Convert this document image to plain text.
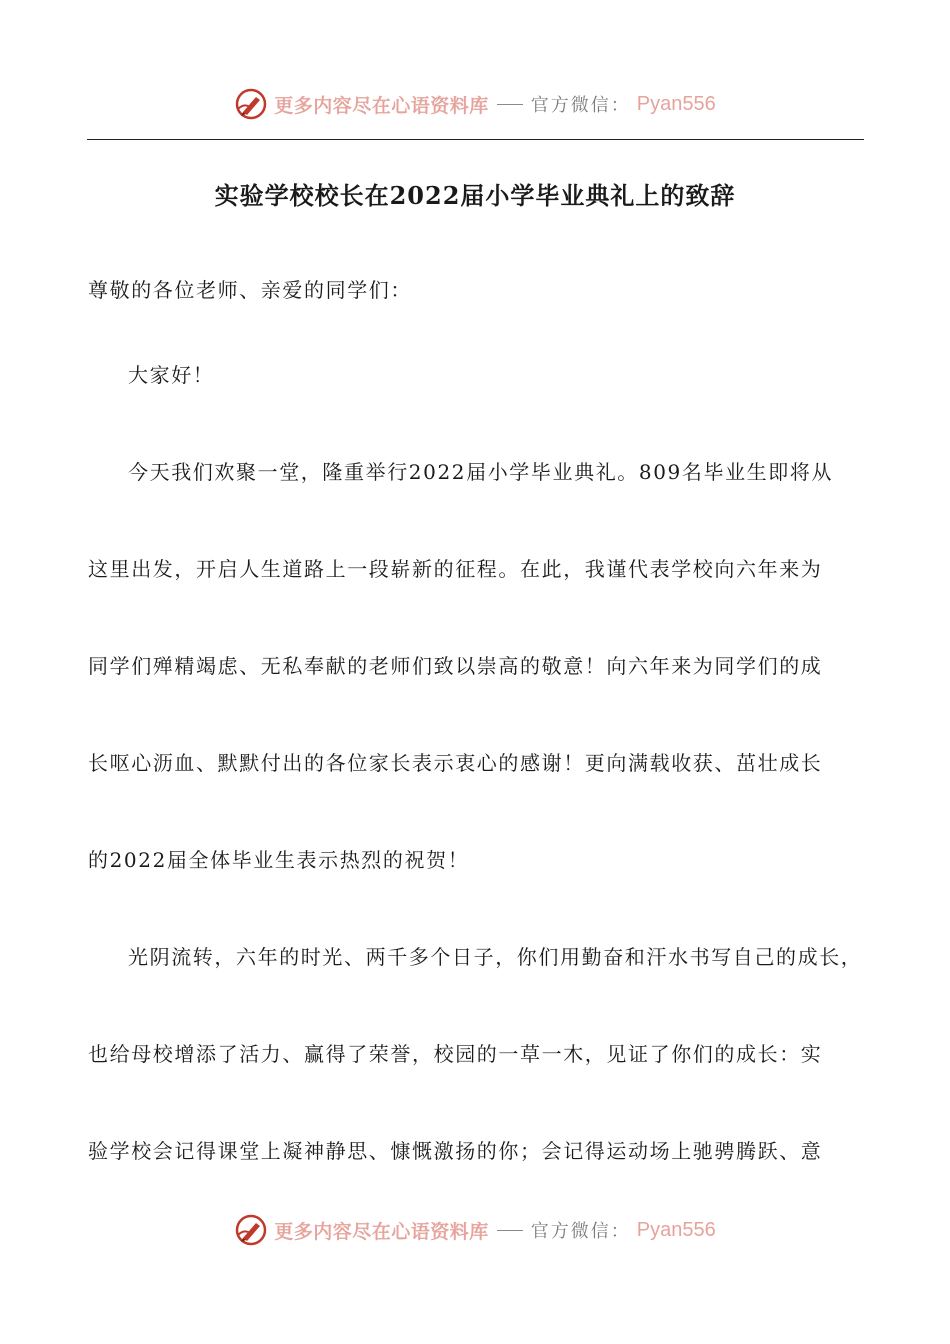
更多内容尽在心语资料库 官方微信： Pyan556
实验学校校长在2022届小学毕业典礼上的致辞

尊敬的各位老师、亲爱的同学们：

大家好！

今天我们欢聚一堂，隆重举行2022届小学毕业典礼。809名毕业生即将从
这里出发，开启人生道路上一段崭新的征程。在此，我谨代表学校向六年来为
同学们殚精竭虑、无私奉献的老师们致以崇高的敬意！向六年来为同学们的成
长呕心沥血、默默付出的各位家长表示衷心的感谢！更向满载收获、茁壮成长
的2022届全体毕业生表示热烈的祝贺！
光阴流转，六年的时光、两千多个日子，你们用勤奋和汗水书写自己的成长，
也给母校增添了活力、赢得了荣誉，校园的一草一木，见证了你们的成长：实
验学校会记得课堂上凝神静思、慷慨激扬的你；会记得运动场上驰骋腾跃、意
更多内容尽在心语资料库 官方微信： Pyan556
